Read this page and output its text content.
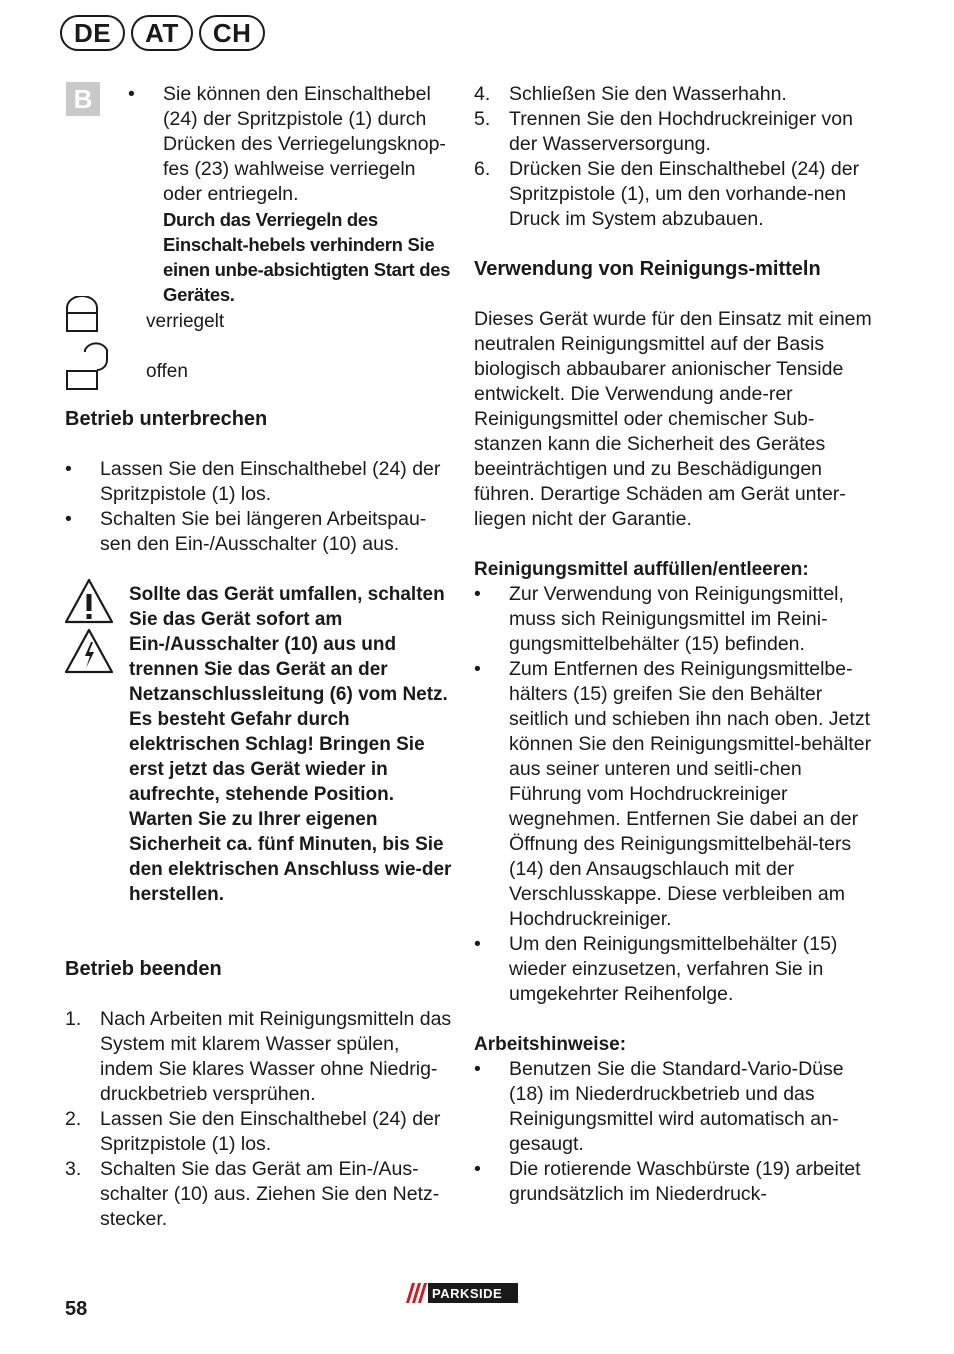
DE	AT	CH
B	•	Sie können den Einschalthebel (24) der Spritzpistole (1) durch Drücken des Verriegelungsknop-fes (23) wahlweise verriegeln oder entriegeln.

Durch das Verriegeln des Einschalt-hebels verhindern Sie einen unbe-absichtigten Start des Gerätes.

verriegelt
offen
Betrieb unterbrechen
•	Lassen Sie den Einschalthebel (24) der Spritzpistole (1) los.
•	Schalten Sie bei längeren Arbeitspau-sen den Ein-/Ausschalter (10) aus.

Sollte das Gerät umfallen, schalten Sie das Gerät sofort am Ein-/Ausschalter (10) aus und trennen Sie das Gerät an der Netzanschlussleitung (6) vom Netz. Es besteht Gefahr durch elektrischen Schlag! Bringen Sie erst jetzt das Gerät wieder in aufrechte, stehende Position. Warten Sie zu Ihrer eigenen Sicherheit ca. fünf Minuten, bis Sie den elektrischen Anschluss wie-der herstellen.

Betrieb beenden
1. Nach Arbeiten mit Reinigungsmitteln das System mit klarem Wasser spülen, indem Sie klares Wasser ohne Niedrig-druckbetrieb versprühen.
2. Lassen Sie den Einschalthebel (24) der Spritzpistole (1) los.
3. Schalten Sie das Gerät am Ein-/Aus-schalter (10) aus. Ziehen Sie den Netz-stecker.
4. Schließen Sie den Wasserhahn.
5. Trennen Sie den Hochdruckreiniger von der Wasserversorgung.
6. Drücken Sie den Einschalthebel (24) der Spritzpistole (1), um den vorhande-nen Druck im System abzubauen.
Verwendung von Reinigungs-mitteln

Dieses Gerät wurde für den Einsatz mit einem neutralen Reinigungsmittel auf der Basis biologisch abbaubarer anionischer Tenside entwickelt. Die Verwendung ande-rer Reinigungsmittel oder chemischer Sub-stanzen kann die Sicherheit des Gerätes beeinträchtigen und zu Beschädigungen führen. Derartige Schäden am Gerät unter-liegen nicht der Garantie.

Reinigungsmittel auffüllen/entleeren:
•	Zur Verwendung von Reinigungsmittel, muss sich Reinigungsmittel im Reini-gungsmittelbehälter (15) befinden.
•	Zum Entfernen des Reinigungsmittelbe-hälters (15) greifen Sie den Behälter seitlich und schieben ihn nach oben. Jetzt können Sie den Reinigungsmittel-behälter aus seiner unteren und seitli-chen Führung vom Hochdruckreiniger wegnehmen. Entfernen Sie dabei an der Öffnung des Reinigungsmittelbehäl-ters (14) den Ansaugschlauch mit der Verschlusskappe. Diese verbleiben am Hochdruckreiniger.
•	Um den Reinigungsmittelbehälter (15) wieder einzusetzen, verfahren Sie in umgekehrter Reihenfolge.
Arbeitshinweise:
•	Benutzen Sie die Standard-Vario-Düse (18) im Niederdruckbetrieb und das Reinigungsmittel wird automatisch an-gesaugt.
•	Die rotierende Waschbürste (19) arbeitet grundsätzlich im Niederdruck-
58
PARKSIDE
